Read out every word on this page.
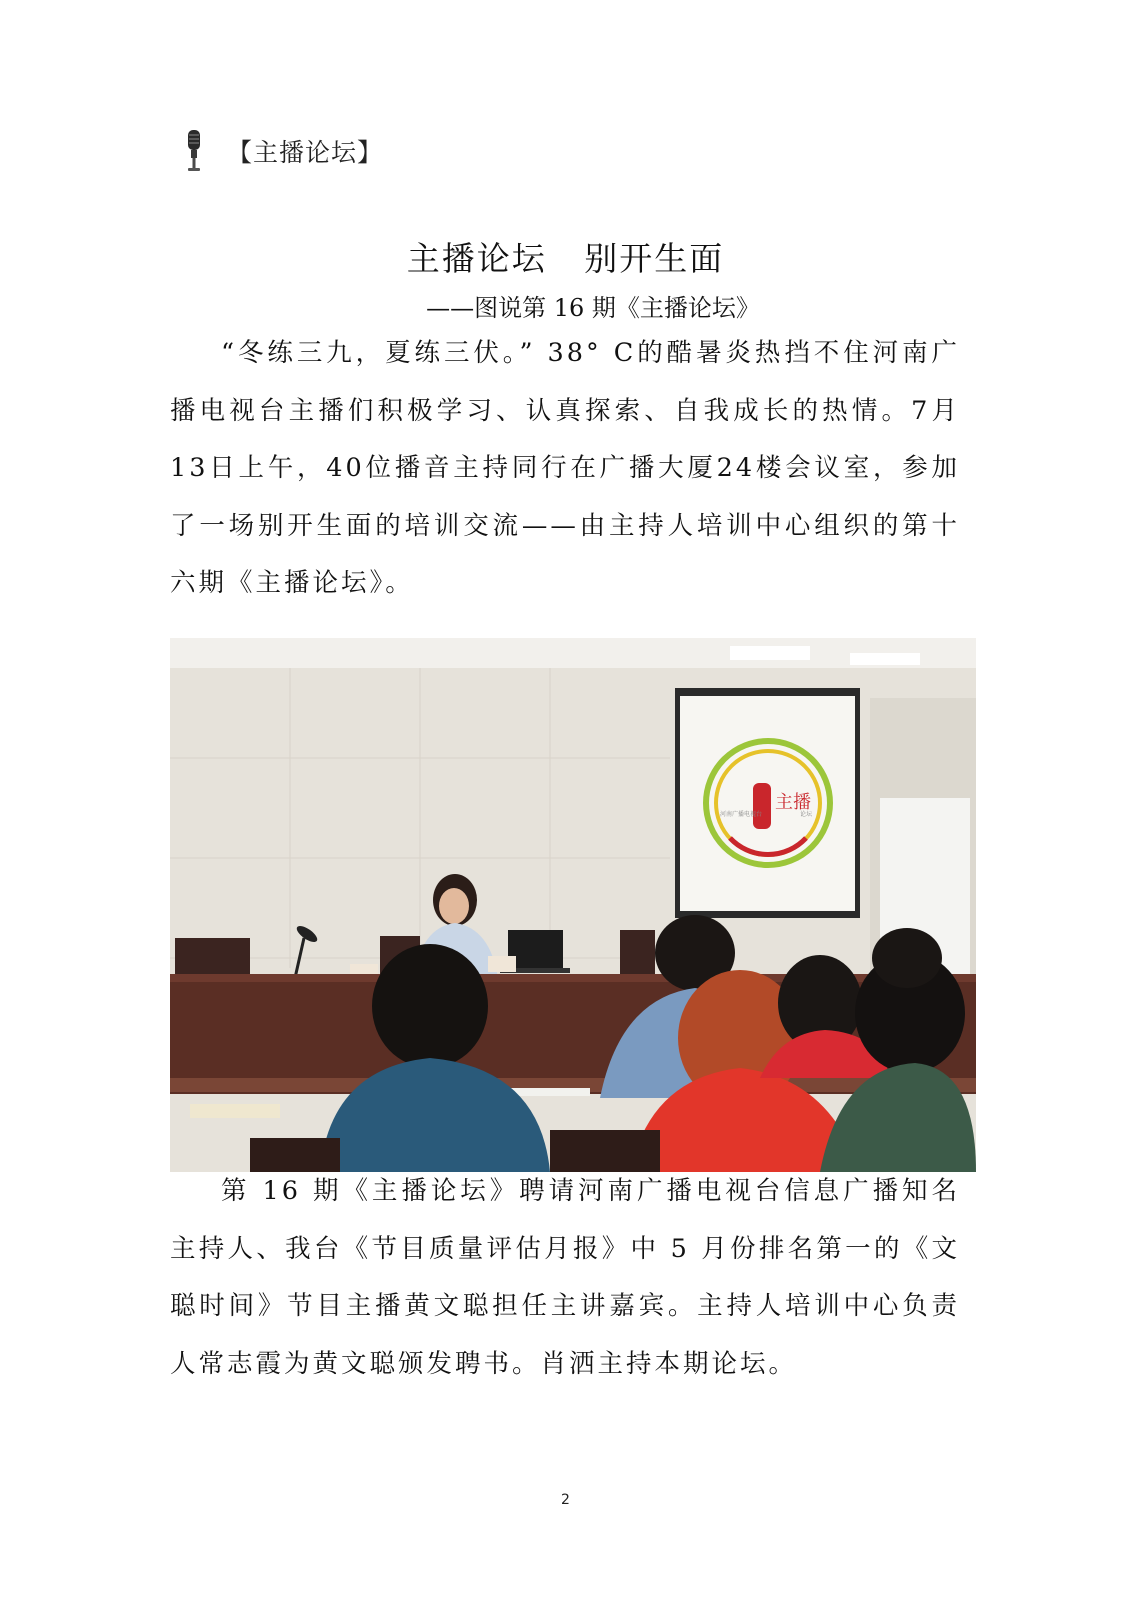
【主播论坛】
主播论坛   别开生面
——图说第 16 期《主播论坛》

“冬练三九，夏练三伏。” 38° C的酷暑炎热挡不住河南广播电视台主播们积极学习、认真探索、自我成长的热情。7月13日上午，40位播音主持同行在广播大厦24楼会议室，参加了一场别开生面的培训交流——由主持人培训中心组织的第十六期《主播论坛》。

主播
河南广播电视台	论坛

第 16 期《主播论坛》聘请河南广播电视台信息广播知名主持人、我台《节目质量评估月报》中 5 月份排名第一的《文聪时间》节目主播黄文聪担任主讲嘉宾。主持人培训中心负责人常志霞为黄文聪颁发聘书。肖洒主持本期论坛。

2
